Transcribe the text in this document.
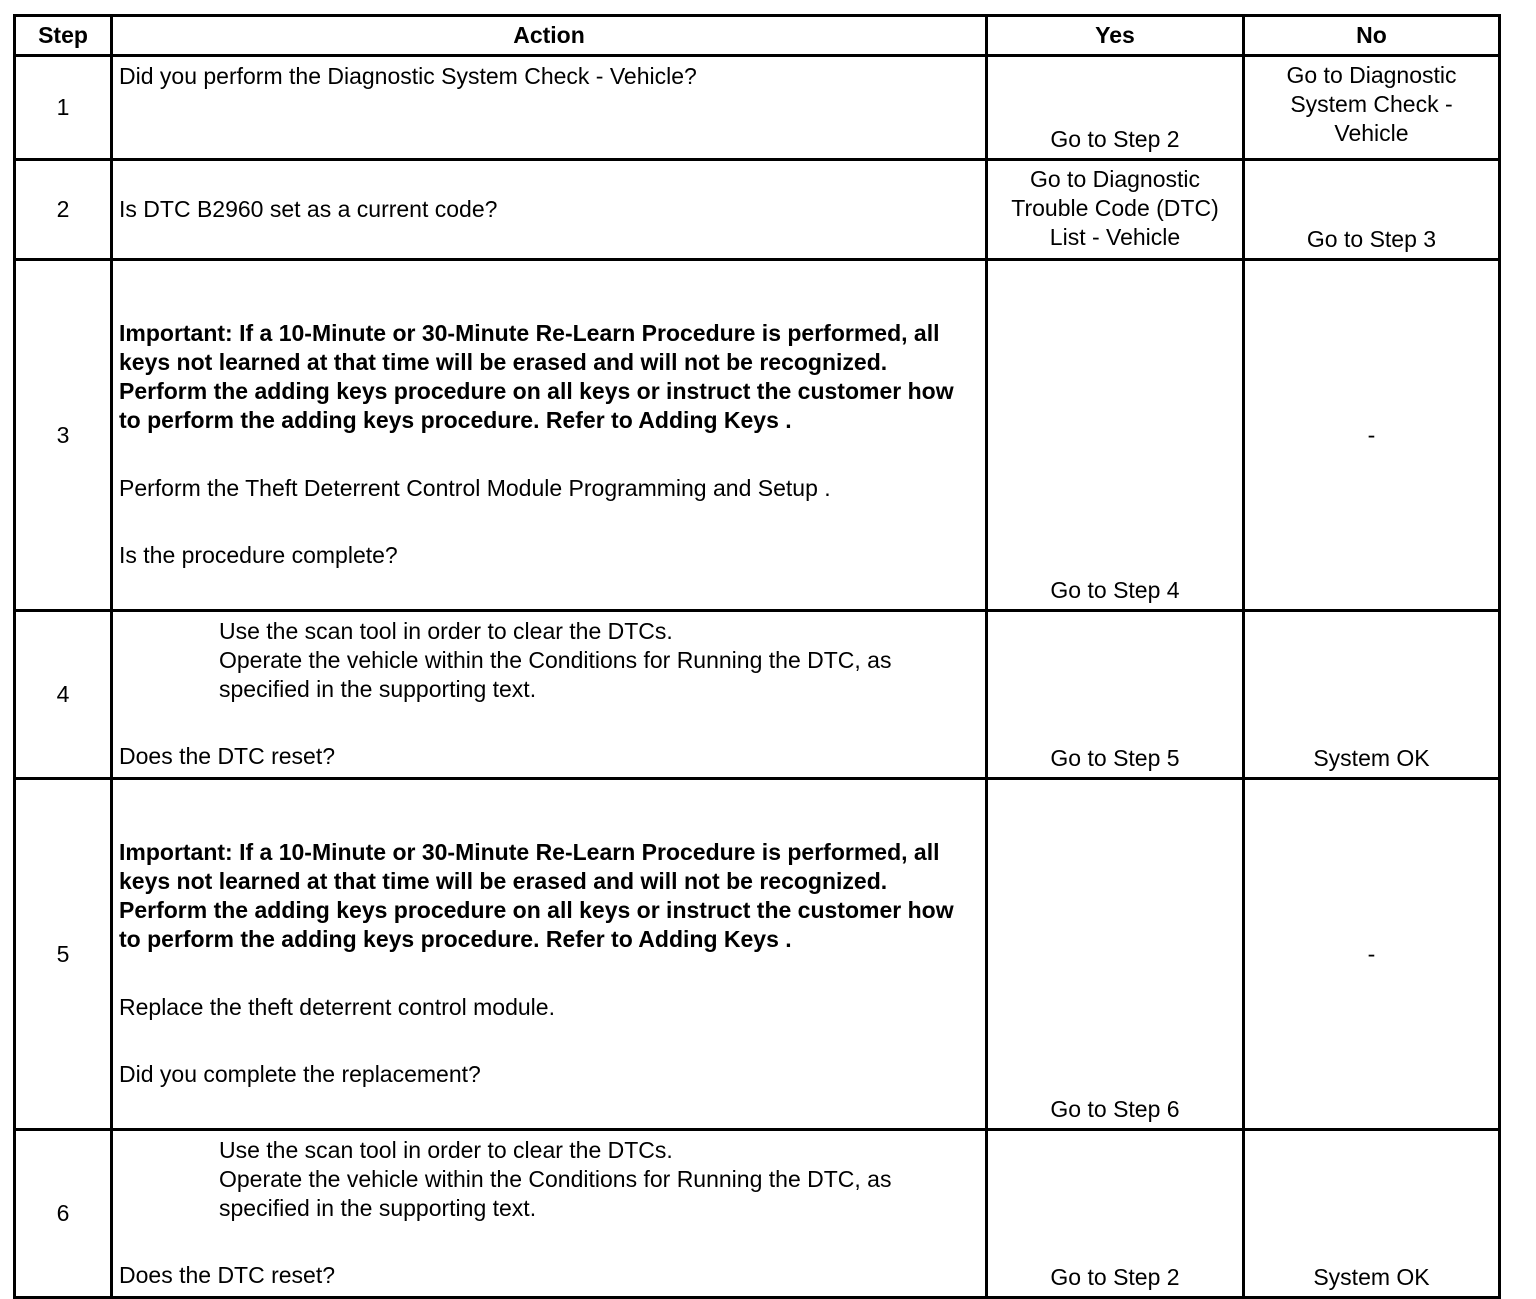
Step	Action	Yes	No
1	Did you perform the Diagnostic System Check - Vehicle?	Go to Step 2	Go to Diagnostic System Check - Vehicle
2	Is DTC B2960 set as a current code?	Go to Diagnostic Trouble Code (DTC) List - Vehicle	Go to Step 3
3	Important: If a 10-Minute or 30-Minute Re-Learn Procedure is performed, all keys not learned at that time will be erased and will not be recognized. Perform the adding keys procedure on all keys or instruct the customer how to perform the adding keys procedure. Refer to Adding Keys .
Perform the Theft Deterrent Control Module Programming and Setup .
Is the procedure complete?	Go to Step 4	-
4	Use the scan tool in order to clear the DTCs.
Operate the vehicle within the Conditions for Running the DTC, as specified in the supporting text.
Does the DTC reset?	Go to Step 5	System OK
5	Important: If a 10-Minute or 30-Minute Re-Learn Procedure is performed, all keys not learned at that time will be erased and will not be recognized. Perform the adding keys procedure on all keys or instruct the customer how to perform the adding keys procedure. Refer to Adding Keys .
Replace the theft deterrent control module.
Did you complete the replacement?	Go to Step 6	-
6	Use the scan tool in order to clear the DTCs.
Operate the vehicle within the Conditions for Running the DTC, as specified in the supporting text.
Does the DTC reset?	Go to Step 2	System OK
